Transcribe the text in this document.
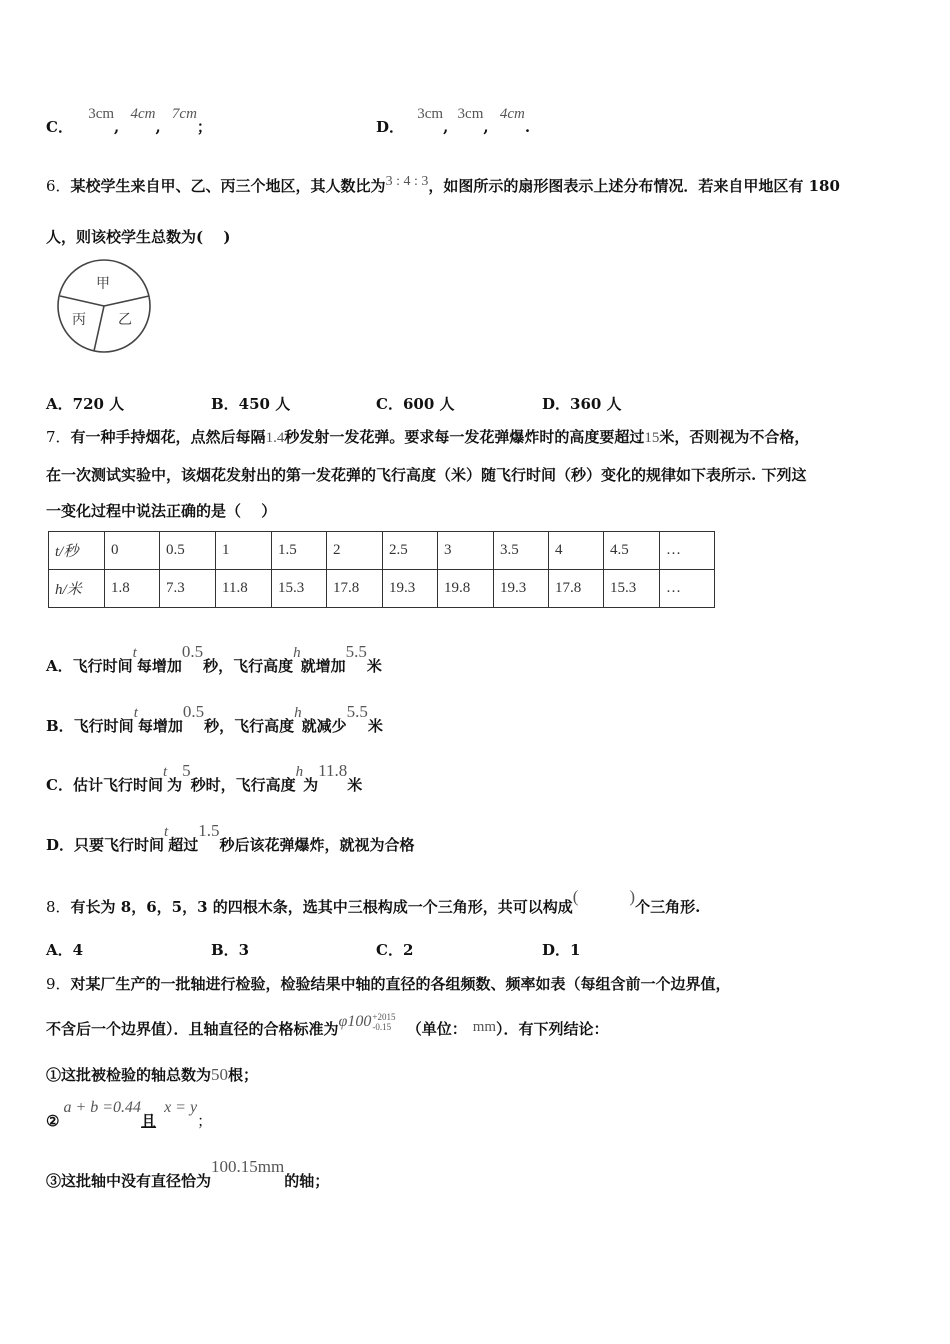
C． 3cm, 4cm, 7cm；	D． 3cm, 3cm, 4cm.
6．某校学生来自甲、乙、丙三个地区，其人数比为3 : 4 : 3，如图所示的扇形图表示上述分布情况．若来自甲地区有 180
人，则该校学生总数为(　 )
甲
乙
丙
A．720 人	B．450 人	C．600 人	D．360 人
7．有一种手持烟花，点然后每隔1.4秒发射一发花弹。要求每一发花弹爆炸时的高度要超过15米，否则视为不合格，
在一次测试实验中，该烟花发射出的第一发花弹的飞行高度（米）随飞行时间（秒）变化的规律如下表所示. 下列这
一变化过程中说法正确的是（　 ）
t/秒	0	0.5	1	1.5	2	2.5	3	3.5	4	4.5	…
h/米	1.8	7.3	11.8	15.3	17.8	19.3	19.8	19.3	17.8	15.3	…
A．飞行时间t每增加0.5秒，飞行高度h就增加5.5米
B．飞行时间t每增加0.5秒，飞行高度h就减少5.5米
C．估计飞行时间t为5秒时，飞行高度h为11.8米
D．只要飞行时间t超过1.5秒后该花弹爆炸，就视为合格
8．有长为 8，6，5，3 的四根木条，选其中三根构成一个三角形，共可以构成(　　　)个三角形.
A．4	B．3	C．2	D．1
9．对某厂生产的一批轴进行检验，检验结果中轴的直径的各组频数、频率如表（每组含前一个边界值，
不含后一个边界值）．且轴直径的合格标准为φ100+2015
-0.15 （单位： mm）．有下列结论：
①这批被检验的轴总数为50根；
②a + b =0.44且x = y；
③这批轴中没有直径恰为100.15mm的轴；
